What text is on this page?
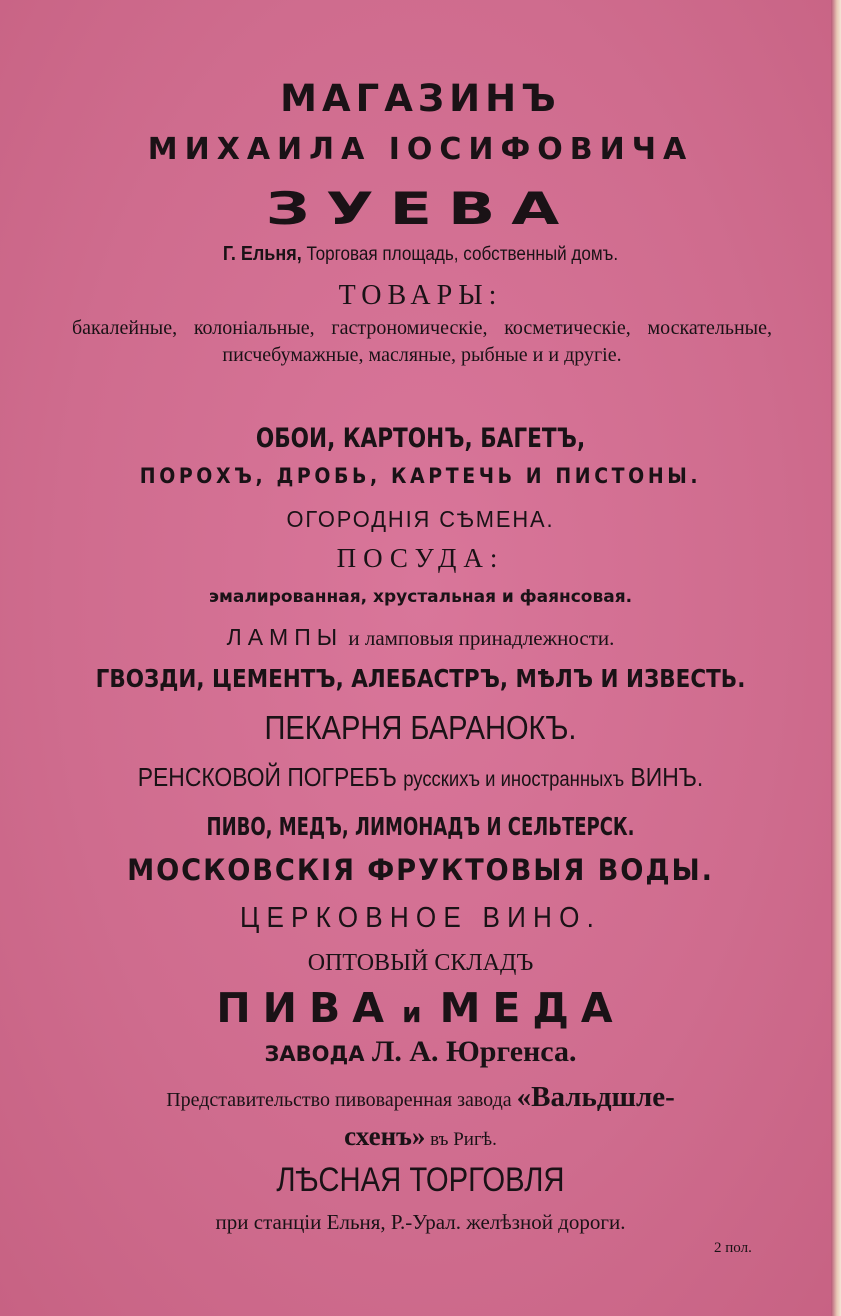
МАГАЗИНЪ
МИХАИЛА ІОСИФОВИЧА
ЗУЕВА
Г. Ельня, Торговая площадь, собственный домъ.
ТОВАРЫ:
бакалейные, колоніальные, гастрономическіе, косметическіе, москательные, писчебумажные, масляные, рыбные и и другіе.
ОБОИ, КАРТОНЪ, БАГЕТЪ,
ПОРОХЪ, ДРОБЬ, КАРТЕЧЬ И ПИСТОНЫ.
ОГОРОДНІЯ СѢМЕНА.
ПОСУДА:
эмалированная, хрустальная и фаянсовая.
ЛАМПЫ и ламповыя принадлежности.
ГВОЗДИ, ЦЕМЕНТЪ, АЛЕБАСТРЪ, МѢЛЪ И ИЗВЕСТЬ.
ПЕКАРНЯ БАРАНОКЪ.
РЕНСКОВОЙ ПОГРЕБЪ русскихъ и иностранныхъ ВИНЪ.
ПИВО, МЕДЪ, ЛИМОНАДЪ И СЕЛЬТЕРСК.
МОСКОВСКІЯ ФРУКТОВЫЯ ВОДЫ.
ЦЕРКОВНОЕ ВИНО.
ОПТОВЫЙ СКЛАДЪ
ПИВА и МЕДА
ЗАВОДА Л. А. Юргенса.
Представительство пивоваренная завода «Вальдшле-
схенъ» въ Ригѣ.
ЛѢСНАЯ ТОРГОВЛЯ
при станціи Ельня, Р.-Урал. желѣзной дороги.
2 пол.
